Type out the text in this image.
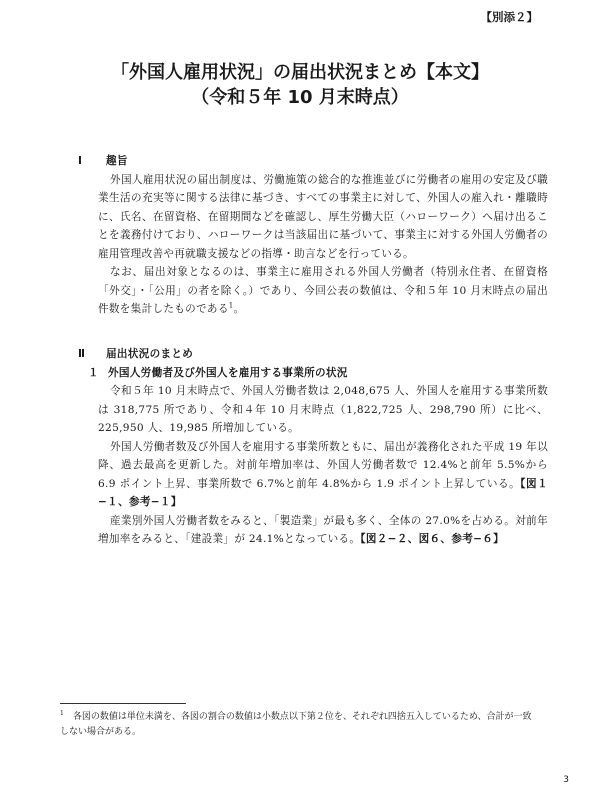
【別添２】
「外国人雇用状況」の届出状況まとめ【本文】
（令和５年 10 月末時点）
Ⅰ 趣旨

外国人雇用状況の届出制度は、労働施策の総合的な推進並びに労働者の雇用の安定及び職業生活の充実等に関する法律に基づき、すべての事業主に対して、外国人の雇入れ・離職時に、氏名、在留資格、在留期間などを確認し、厚生労働大臣（ハローワーク）へ届け出ることを義務付けており、ハローワークは当該届出に基づいて、事業主に対する外国人労働者の雇用管理改善や再就職支援などの指導・助言などを行っている。

なお、届出対象となるのは、事業主に雇用される外国人労働者（特別永住者、在留資格「外交」・「公用」の者を除く。）であり、今回公表の数値は、令和５年 10 月末時点の届出件数を集計したものである$^1$。

Ⅱ 届出状況のまとめ
１ 外国人労働者及び外国人を雇用する事業所の状況

令和５年 10 月末時点で、外国人労働者数は 2,048,675 人、外国人を雇用する事業所数は 318,775 所であり、令和４年 10 月末時点（1,822,725 人、298,790 所）に比べ、225,950 人、19,985 所増加している。

外国人労働者数及び外国人を雇用する事業所数ともに、届出が義務化された平成 19 年以降、過去最高を更新した。対前年増加率は、外国人労働者数で 12.4%と前年 5.5%から 6.9 ポイント上昇、事業所数で 6.7%と前年 4.8%から 1.9 ポイント上昇している。【図１−１、参考−１】

産業別外国人労働者数をみると、「製造業」が最も多く、全体の 27.0%を占める。対前年増加率をみると、「建設業」が 24.1%となっている。【図２−２、図６、参考−６】

$^1$　 各図の数値は単位未満を、各図の割合の数値は小数点以下第２位を、それぞれ四捨五入しているため、合計が一致しない場合がある。
3
